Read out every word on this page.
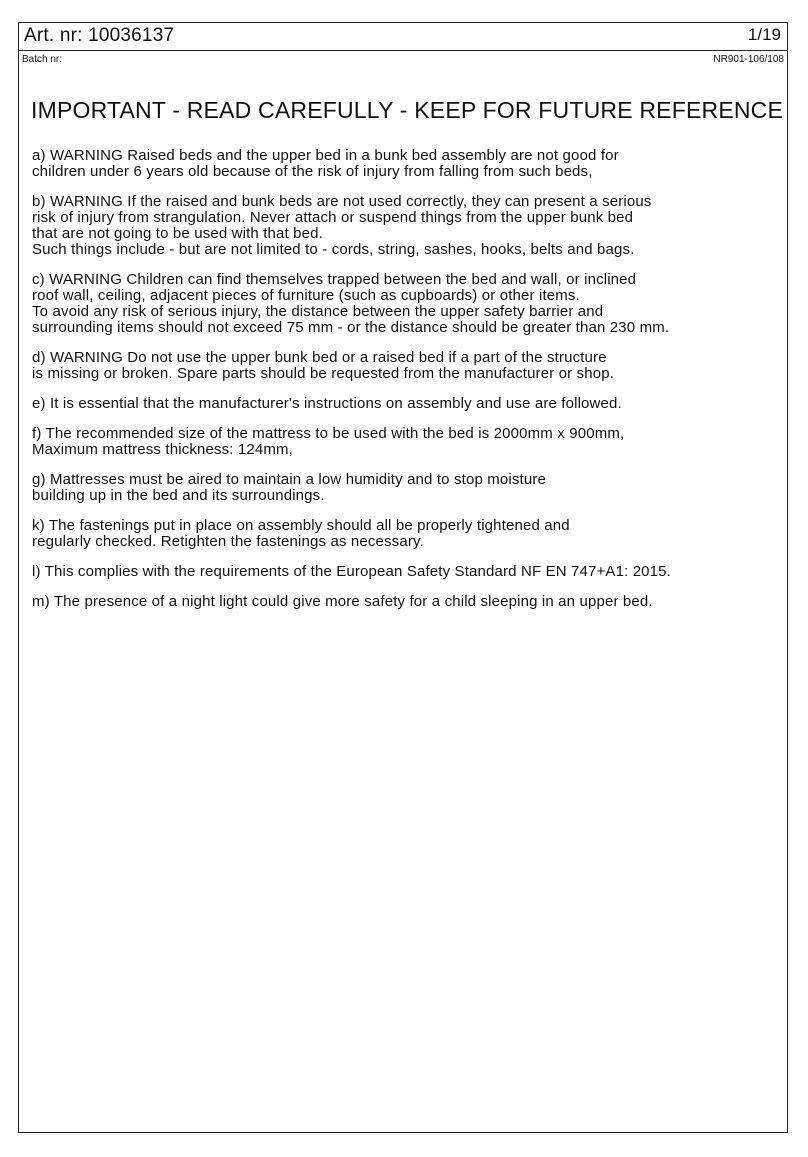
Art. nr: 10036137	1/19
Batch nr:	NR901-106/108
IMPORTANT - READ CAREFULLY - KEEP FOR FUTURE REFERENCE

a) WARNING Raised beds and the upper bed in a bunk bed assembly are not good for
children under 6 years old because of the risk of injury from falling from such beds,

b) WARNING If the raised and bunk beds are not used correctly, they can present a serious
risk of injury from strangulation. Never attach or suspend things from the upper bunk bed
that are not going to be used with that bed.
Such things include - but are not limited to - cords, string, sashes, hooks, belts and bags.

c) WARNING Children can find themselves trapped between the bed and wall, or inclined
roof wall, ceiling, adjacent pieces of furniture (such as cupboards) or other items.
To avoid any risk of serious injury, the distance between the upper safety barrier and
surrounding items should not exceed 75 mm - or the distance should be greater than 230 mm.

d) WARNING Do not use the upper bunk bed or a raised bed if a part of the structure
is missing or broken. Spare parts should be requested from the manufacturer or shop.

e) It is essential that the manufacturer's instructions on assembly and use are followed.

f) The recommended size of the mattress to be used with the bed is 2000mm x 900mm,
Maximum mattress thickness: 124mm,

g) Mattresses must be aired to maintain a low humidity and to stop moisture
building up in the bed and its surroundings.

k) The fastenings put in place on assembly should all be properly tightened and
regularly checked. Retighten the fastenings as necessary.

l) This complies with the requirements of the European Safety Standard NF EN 747+A1: 2015.

m) The presence of a night light could give more safety for a child sleeping in an upper bed.
